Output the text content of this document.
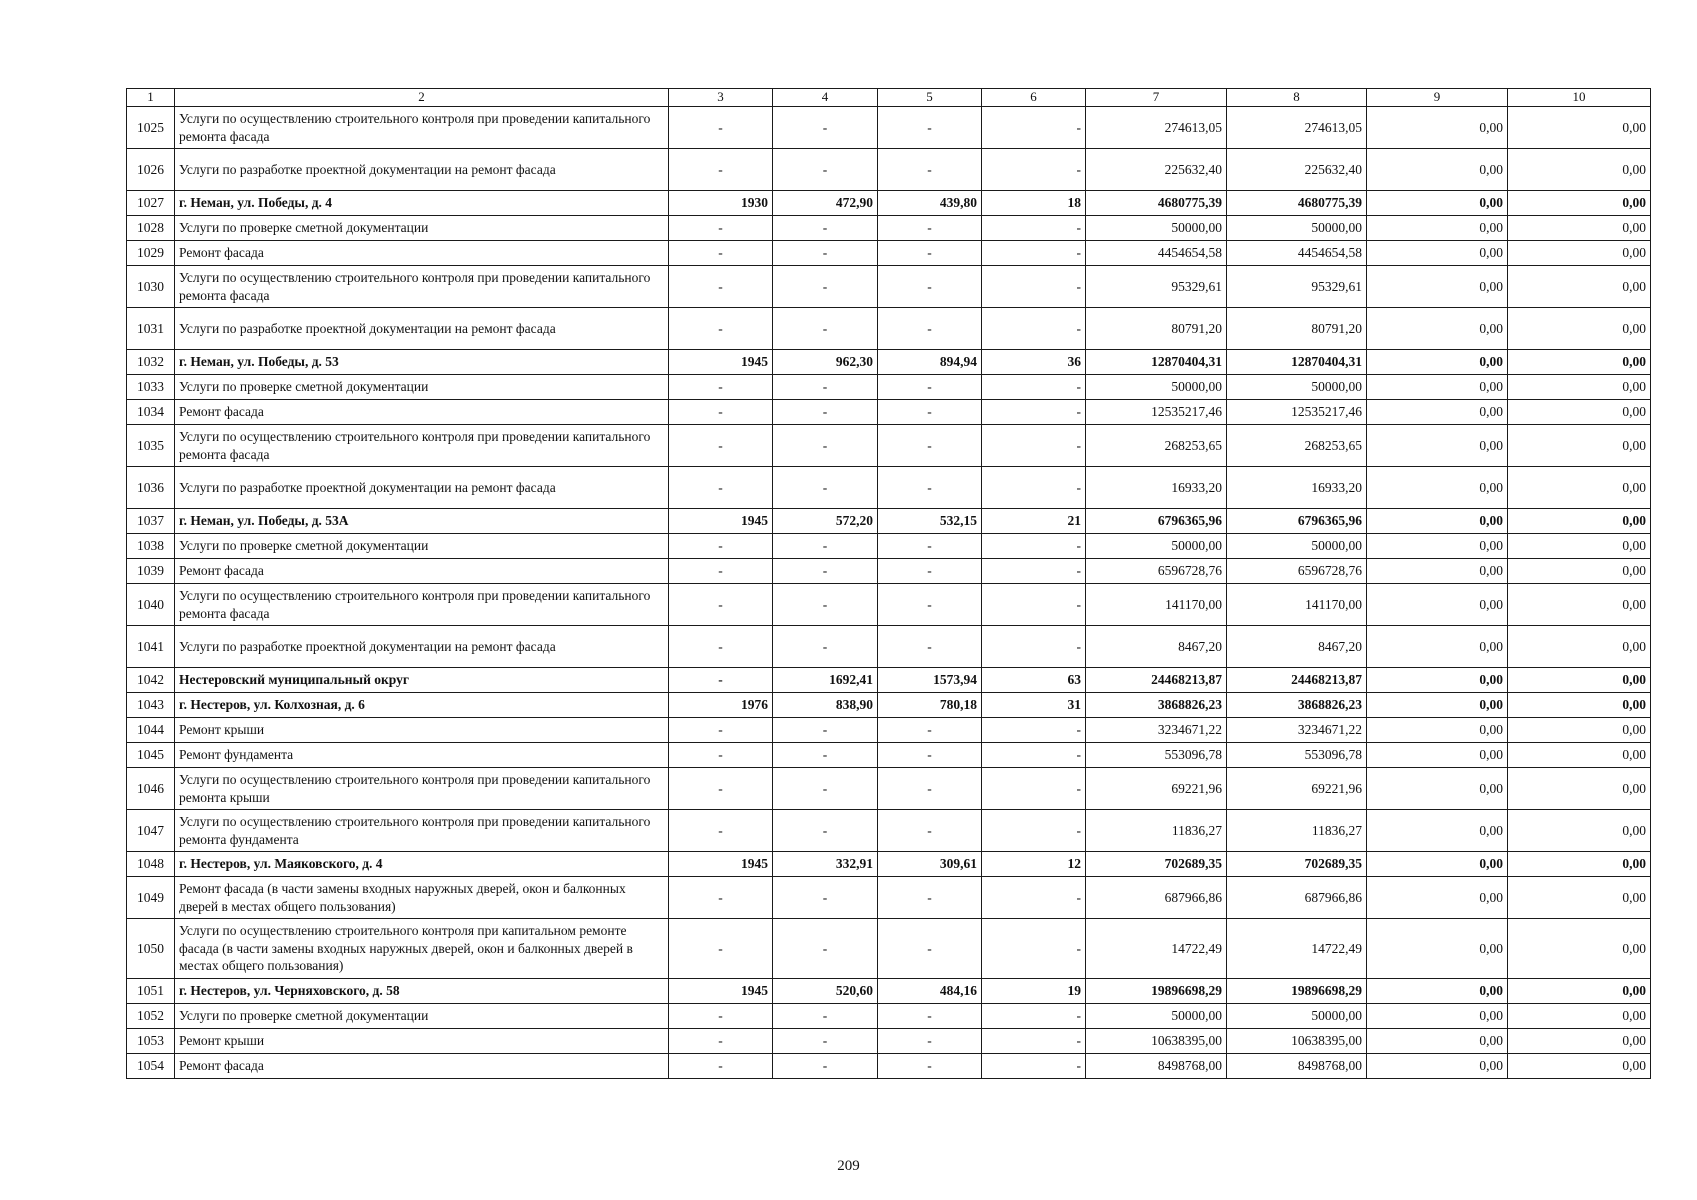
1	2	3	4	5	6	7	8	9	10
1025	Услуги по осуществлению строительного контроля при проведении капитального ремонта фасада	-	-	-	-	274613,05	274613,05	0,00	0,00
1026	Услуги по разработке проектной документации на ремонт фасада	-	-	-	-	225632,40	225632,40	0,00	0,00
1027	г. Неман, ул. Победы, д. 4	1930	472,90	439,80	18	4680775,39	4680775,39	0,00	0,00
1028	Услуги по проверке сметной документации	-	-	-	-	50000,00	50000,00	0,00	0,00
1029	Ремонт фасада	-	-	-	-	4454654,58	4454654,58	0,00	0,00
1030	Услуги по осуществлению строительного контроля при проведении капитального ремонта фасада	-	-	-	-	95329,61	95329,61	0,00	0,00
1031	Услуги по разработке проектной документации на ремонт фасада	-	-	-	-	80791,20	80791,20	0,00	0,00
1032	г. Неман, ул. Победы, д. 53	1945	962,30	894,94	36	12870404,31	12870404,31	0,00	0,00
1033	Услуги по проверке сметной документации	-	-	-	-	50000,00	50000,00	0,00	0,00
1034	Ремонт фасада	-	-	-	-	12535217,46	12535217,46	0,00	0,00
1035	Услуги по осуществлению строительного контроля при проведении капитального ремонта фасада	-	-	-	-	268253,65	268253,65	0,00	0,00
1036	Услуги по разработке проектной документации на ремонт фасада	-	-	-	-	16933,20	16933,20	0,00	0,00
1037	г. Неман, ул. Победы, д. 53А	1945	572,20	532,15	21	6796365,96	6796365,96	0,00	0,00
1038	Услуги по проверке сметной документации	-	-	-	-	50000,00	50000,00	0,00	0,00
1039	Ремонт фасада	-	-	-	-	6596728,76	6596728,76	0,00	0,00
1040	Услуги по осуществлению строительного контроля при проведении капитального ремонта фасада	-	-	-	-	141170,00	141170,00	0,00	0,00
1041	Услуги по разработке проектной документации на ремонт фасада	-	-	-	-	8467,20	8467,20	0,00	0,00
1042	Нестеровский муниципальный округ	-	1692,41	1573,94	63	24468213,87	24468213,87	0,00	0,00
1043	г. Нестеров, ул. Колхозная, д. 6	1976	838,90	780,18	31	3868826,23	3868826,23	0,00	0,00
1044	Ремонт крыши	-	-	-	-	3234671,22	3234671,22	0,00	0,00
1045	Ремонт фундамента	-	-	-	-	553096,78	553096,78	0,00	0,00
1046	Услуги по осуществлению строительного контроля при проведении капитального ремонта крыши	-	-	-	-	69221,96	69221,96	0,00	0,00
1047	Услуги по осуществлению строительного контроля при проведении капитального ремонта фундамента	-	-	-	-	11836,27	11836,27	0,00	0,00
1048	г. Нестеров, ул. Маяковского, д. 4	1945	332,91	309,61	12	702689,35	702689,35	0,00	0,00
1049	Ремонт фасада (в части замены входных наружных дверей, окон и балконных дверей в местах общего пользования)	-	-	-	-	687966,86	687966,86	0,00	0,00
1050	Услуги по осуществлению строительного контроля при капитальном ремонте фасада (в части замены входных наружных дверей, окон и балконных дверей в местах общего пользования)	-	-	-	-	14722,49	14722,49	0,00	0,00
1051	г. Нестеров, ул. Черняховского, д. 58	1945	520,60	484,16	19	19896698,29	19896698,29	0,00	0,00
1052	Услуги по проверке сметной документации	-	-	-	-	50000,00	50000,00	0,00	0,00
1053	Ремонт крыши	-	-	-	-	10638395,00	10638395,00	0,00	0,00
1054	Ремонт фасада	-	-	-	-	8498768,00	8498768,00	0,00	0,00
209
